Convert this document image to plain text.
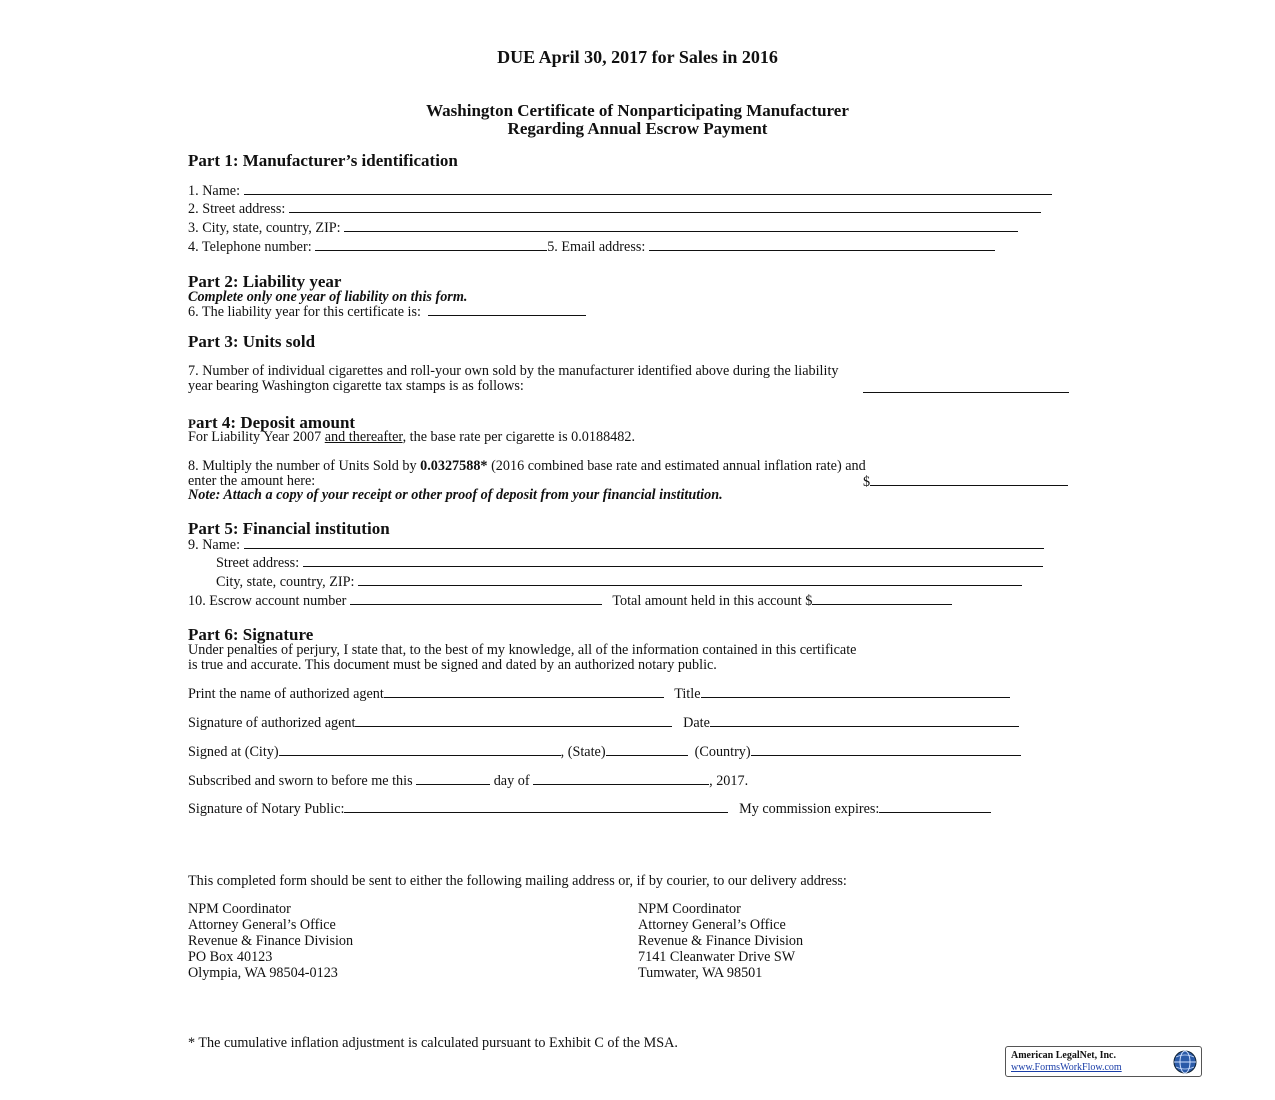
DUE April 30, 2017 for Sales in 2016
Washington Certificate of Nonparticipating Manufacturer
Regarding Annual Escrow Payment
Part 1: Manufacturer’s identification
1. Name:
2. Street address:
3. City, state, country, ZIP:
4. Telephone number:	5. Email address:
Part 2: Liability year
Complete only one year of liability on this form.
6. The liability year for this certificate is:
Part 3: Units sold
7. Number of individual cigarettes and roll-your own sold by the manufacturer identified above during the liability
year bearing Washington cigarette tax stamps is as follows:
Part 4: Deposit amount
For Liability Year 2007 and thereafter, the base rate per cigarette is 0.0188482.
8. Multiply the number of Units Sold by 0.0327588* (2016 combined base rate and estimated annual inflation rate) and
enter the amount here:	$
Note: Attach a copy of your receipt or other proof of deposit from your financial institution.
Part 5: Financial institution
9. Name:
Street address:
City, state, country, ZIP:
10. Escrow account number	Total amount held in this account $
Part 6: Signature
Under penalties of perjury, I state that, to the best of my knowledge, all of the information contained in this certificate
is true and accurate. This document must be signed and dated by an authorized notary public.
Print the name of authorized agent	Title
Signature of authorized agent	Date
Signed at (City)	, (State)	(Country)
Subscribed and sworn to before me this	day of	, 2017.
Signature of Notary Public:	My commission expires:
This completed form should be sent to either the following mailing address or, if by courier, to our delivery address:
NPM Coordinator
Attorney General’s Office
Revenue & Finance Division
PO Box 40123
Olympia, WA 98504-0123
NPM Coordinator
Attorney General’s Office
Revenue & Finance Division
7141 Cleanwater Drive SW
Tumwater, WA 98501
* The cumulative inflation adjustment is calculated pursuant to Exhibit C of the MSA.
American LegalNet, Inc.
www.FormsWorkFlow.com
